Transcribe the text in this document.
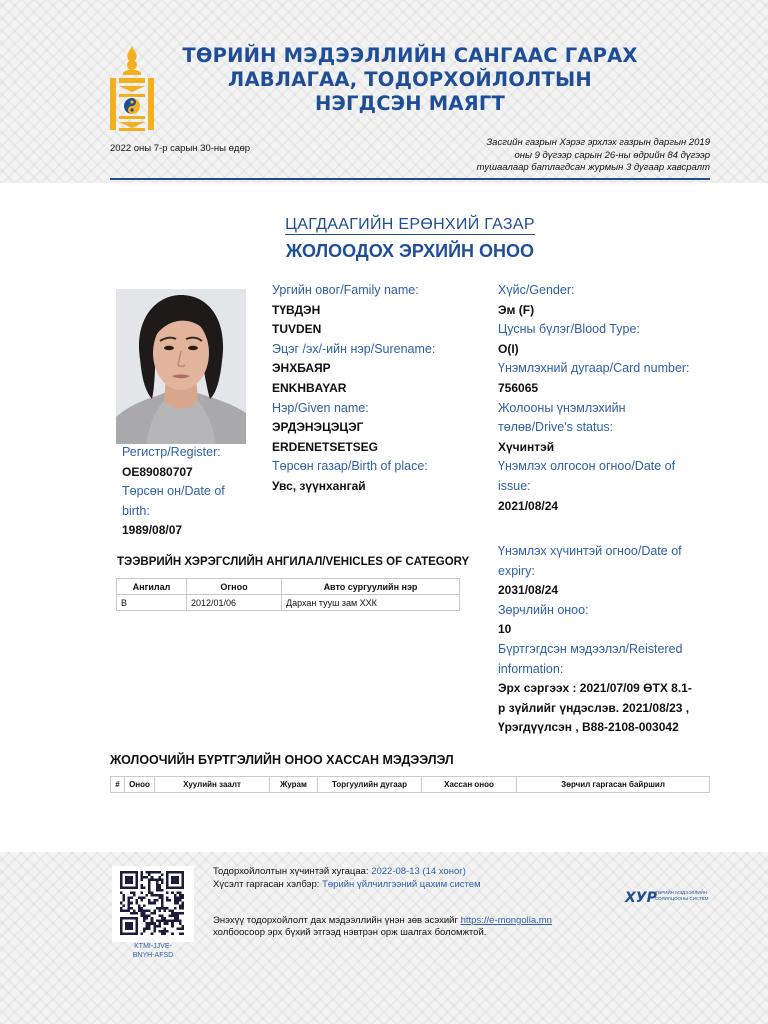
ТӨРИЙН МЭДЭЭЛЛИЙН САНГААС ГАРАХ
ЛАВЛАГАА, ТОДОРХОЙЛОЛТЫН
НЭГДСЭН МАЯГТ
2022 оны 7-р сарын 30-ны өдөр
Засгийн газрын Хэрэг эрхлэх газрын даргын 2019
оны 9 дүгээр сарын 26-ны өдрийн 84 дүгээр
тушаалаар батлагдсан журмын 3 дугаар хавсралт
ЦАГДААГИЙН ЕРӨНХИЙ ГАЗАР
ЖОЛООДОХ ЭРХИЙН ОНОО
Регистр/Register:
OE89080707
Төрсөн он/Date of
birth:
1989/08/07
Ургийн овог/Family name:
ТҮВДЭН
TUVDEN
Эцэг /эх/-ийн нэр/Surename:
ЭНХБАЯР
ENKHBAYAR
Нэр/Given name:
ЭРДЭНЭЦЭЦЭГ
ERDENETSETSEG
Төрсөн газар/Birth of place:
Увс, зүүнхангай
Хүйс/Gender:
Эм (F)
Цусны бүлэг/Blood Type:
O(I)
Үнэмлэхний дугаар/Card number:
756065
Жолооны үнэмлэхийн
төлөв/Drive's status:
Хүчинтэй
Үнэмлэх олгосон огноо/Date of
issue:
2021/08/24
Үнэмлэх хүчинтэй огноо/Date of
expiry:
2031/08/24
Зөрчлийн оноо:
10
Бүртгэгдсэн мэдээлэл/Reistered
information:
Эрх сэргээх : 2021/07/09 ӨТХ 8.1-
р зүйлийг үндэслэв. 2021/08/23 ,
Үрэгдүүлсэн , В88-2108-003042
ТЭЭВРИЙН ХЭРЭГСЛИЙН АНГИЛАЛ/VEHICLES OF CATEGORY
Ангилал	Огноо	Авто сургуулийн нэр
B	2012/01/06	Дархан тууш зам ХХК
ЖОЛООЧИЙН БҮРТГЭЛИЙН ОНОО ХАССАН МЭДЭЭЛЭЛ
#	Оноо	Хуулийн заалт	Журам	Торгуулийн дугаар	Хассан оноо	Зөрчил гаргасан байршил
KTMI-JJVE-
BNYH-AFSD
Тодорхойлолтын хүчинтэй хугацаа: 2022-08-13 (14 хоног)
Хүсэлт гаргасан хэлбэр: Төрийн үйлчилгээний цахим систем
Энэхүү тодорхойлолт дах мэдээллийн үнэн зөв эсэхийг https://e-mongolia.mn
холбоосоор эрх бүхий этгээд нэвтрэн орж шалгах боломжтой.
ХУР
ТӨРИЙН МЭДЭЭЛЛИЙН
СОЛИЛЦООНЫ СИСТЕМ
